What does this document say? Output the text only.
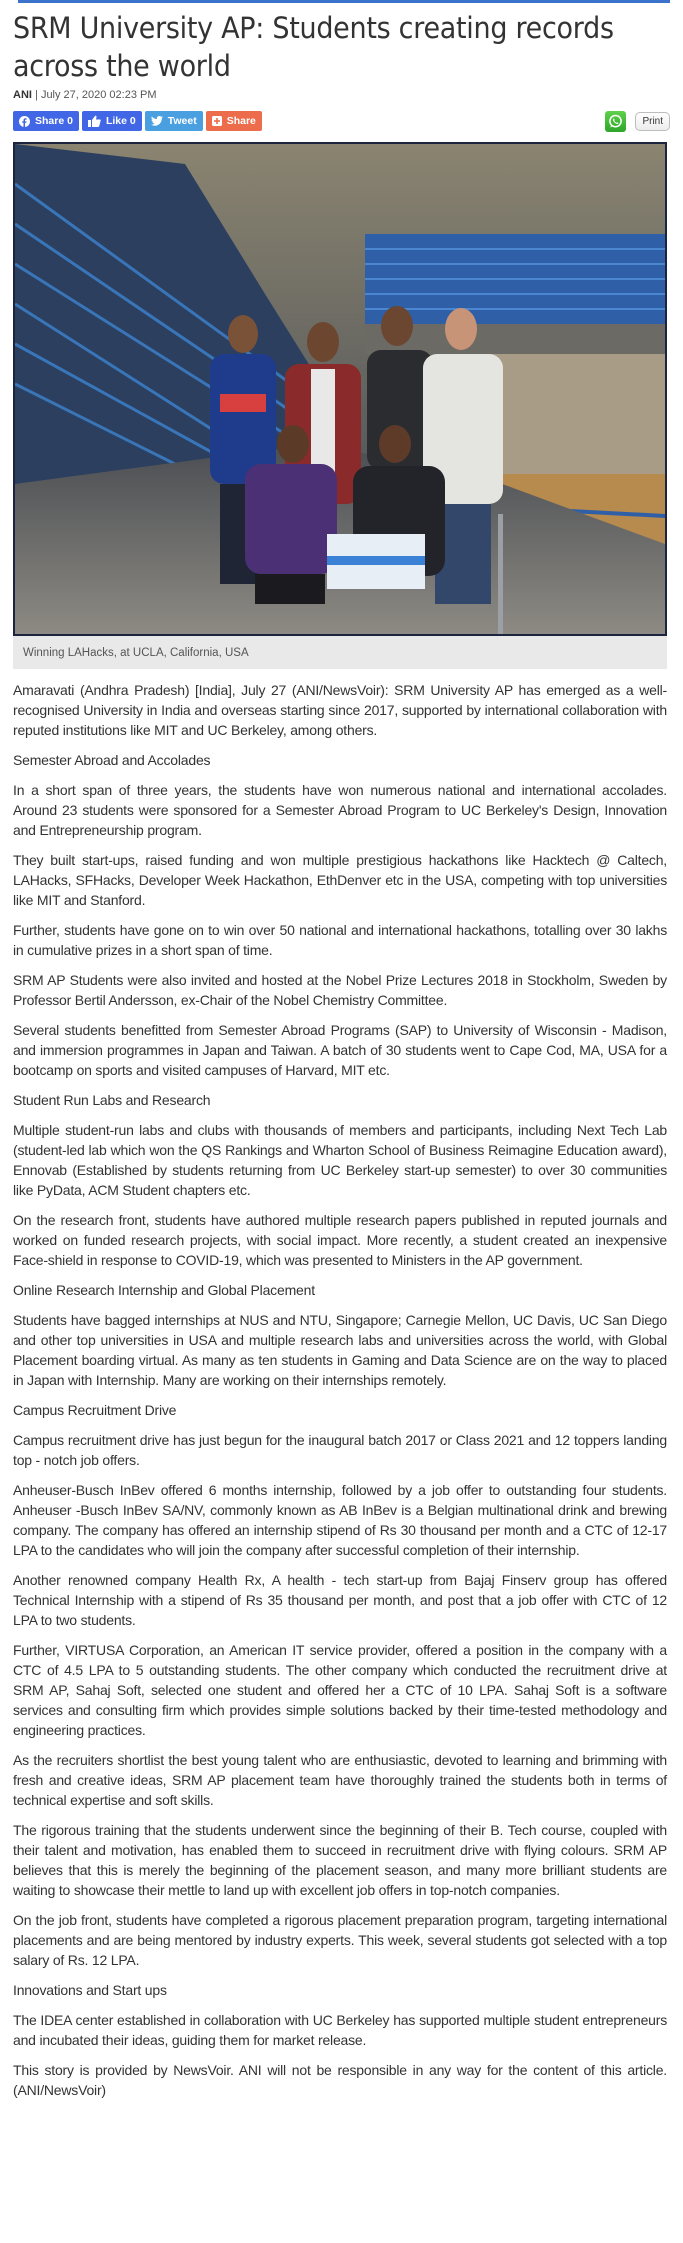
SRM University AP: Students creating records across the world
ANI | July 27, 2020 02:23 PM
Share 0	Like 0	Tweet	Share	Print
Winning LAHacks, at UCLA, California, USA

Amaravati (Andhra Pradesh) [India], July 27 (ANI/NewsVoir): SRM University AP has emerged as a well-recognised University in India and overseas starting since 2017, supported by international collaboration with reputed institutions like MIT and UC Berkeley, among others.

Semester Abroad and Accolades

In a short span of three years, the students have won numerous national and international accolades. Around 23 students were sponsored for a Semester Abroad Program to UC Berkeley's Design, Innovation and Entrepreneurship program.

They built start-ups, raised funding and won multiple prestigious hackathons like Hacktech @ Caltech, LAHacks, SFHacks, Developer Week Hackathon, EthDenver etc in the USA, competing with top universities like MIT and Stanford.

Further, students have gone on to win over 50 national and international hackathons, totalling over 30 lakhs in cumulative prizes in a short span of time.

SRM AP Students were also invited and hosted at the Nobel Prize Lectures 2018 in Stockholm, Sweden by Professor Bertil Andersson, ex-Chair of the Nobel Chemistry Committee.

Several students benefitted from Semester Abroad Programs (SAP) to University of Wisconsin - Madison, and immersion programmes in Japan and Taiwan. A batch of 30 students went to Cape Cod, MA, USA for a bootcamp on sports and visited campuses of Harvard, MIT etc.

Student Run Labs and Research

Multiple student-run labs and clubs with thousands of members and participants, including Next Tech Lab (student-led lab which won the QS Rankings and Wharton School of Business Reimagine Education award), Ennovab (Established by students returning from UC Berkeley start-up semester) to over 30 communities like PyData, ACM Student chapters etc.

On the research front, students have authored multiple research papers published in reputed journals and worked on funded research projects, with social impact. More recently, a student created an inexpensive Face-shield in response to COVID-19, which was presented to Ministers in the AP government.

Online Research Internship and Global Placement

Students have bagged internships at NUS and NTU, Singapore; Carnegie Mellon, UC Davis, UC San Diego and other top universities in USA and multiple research labs and universities across the world, with Global Placement boarding virtual. As many as ten students in Gaming and Data Science are on the way to placed in Japan with Internship. Many are working on their internships remotely.

Campus Recruitment Drive

Campus recruitment drive has just begun for the inaugural batch 2017 or Class 2021 and 12 toppers landing top - notch job offers.

Anheuser-Busch InBev offered 6 months internship, followed by a job offer to outstanding four students. Anheuser -Busch InBev SA/NV, commonly known as AB InBev is a Belgian multinational drink and brewing company. The company has offered an internship stipend of Rs 30 thousand per month and a CTC of 12-17 LPA to the candidates who will join the company after successful completion of their internship.

Another renowned company Health Rx, A health - tech start-up from Bajaj Finserv group has offered Technical Internship with a stipend of Rs 35 thousand per month, and post that a job offer with CTC of 12 LPA to two students.

Further, VIRTUSA Corporation, an American IT service provider, offered a position in the company with a CTC of 4.5 LPA to 5 outstanding students. The other company which conducted the recruitment drive at SRM AP, Sahaj Soft, selected one student and offered her a CTC of 10 LPA. Sahaj Soft is a software services and consulting firm which provides simple solutions backed by their time-tested methodology and engineering practices.

As the recruiters shortlist the best young talent who are enthusiastic, devoted to learning and brimming with fresh and creative ideas, SRM AP placement team have thoroughly trained the students both in terms of technical expertise and soft skills.

The rigorous training that the students underwent since the beginning of their B. Tech course, coupled with their talent and motivation, has enabled them to succeed in recruitment drive with flying colours. SRM AP believes that this is merely the beginning of the placement season, and many more brilliant students are waiting to showcase their mettle to land up with excellent job offers in top-notch companies.

On the job front, students have completed a rigorous placement preparation program, targeting international placements and are being mentored by industry experts. This week, several students got selected with a top salary of Rs. 12 LPA.

Innovations and Start ups

The IDEA center established in collaboration with UC Berkeley has supported multiple student entrepreneurs and incubated their ideas, guiding them for market release.

This story is provided by NewsVoir. ANI will not be responsible in any way for the content of this article. (ANI/NewsVoir)
